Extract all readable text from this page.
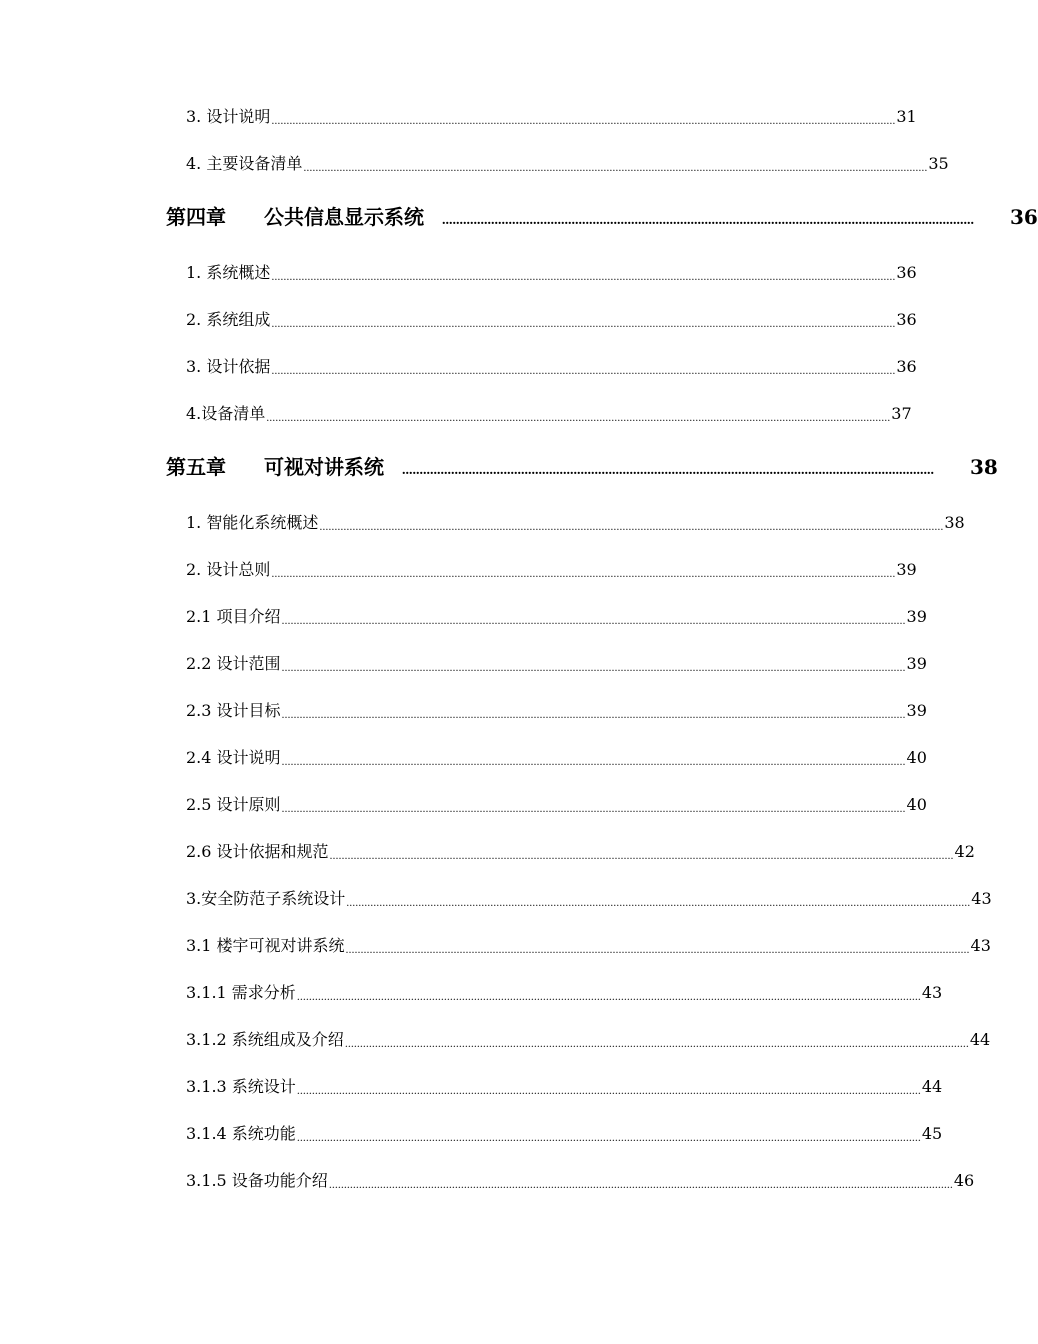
3. 设计说明 ................................................................................................................................................................................................................ 31
4. 主要设备清单 ................................................................................................................................................................................................................ 35
第四章 公共信息显示系统 ........................................................................................................................................................ 36
1. 系统概述 ................................................................................................................................................................................................................ 36
2. 系统组成 ................................................................................................................................................................................................................ 36
3. 设计依据 ................................................................................................................................................................................................................ 36
4.设备清单 ................................................................................................................................................................................................................ 37
第五章 可视对讲系统 ........................................................................................................................................................ 38
1. 智能化系统概述 ................................................................................................................................................................................................................ 38
2. 设计总则 ................................................................................................................................................................................................................ 39
2.1 项目介绍 ................................................................................................................................................................................................................ 39
2.2 设计范围 ................................................................................................................................................................................................................ 39
2.3 设计目标 ................................................................................................................................................................................................................ 39
2.4 设计说明 ................................................................................................................................................................................................................ 40
2.5 设计原则 ................................................................................................................................................................................................................ 40
2.6 设计依据和规范 ................................................................................................................................................................................................................ 42
3.安全防范子系统设计 ................................................................................................................................................................................................................ 43
3.1 楼宇可视对讲系统 ................................................................................................................................................................................................................ 43
3.1.1 需求分析 ................................................................................................................................................................................................................ 43
3.1.2 系统组成及介绍 ................................................................................................................................................................................................................ 44
3.1.3 系统设计 ................................................................................................................................................................................................................ 44
3.1.4 系统功能 ................................................................................................................................................................................................................ 45
3.1.5 设备功能介绍 ................................................................................................................................................................................................................ 46
